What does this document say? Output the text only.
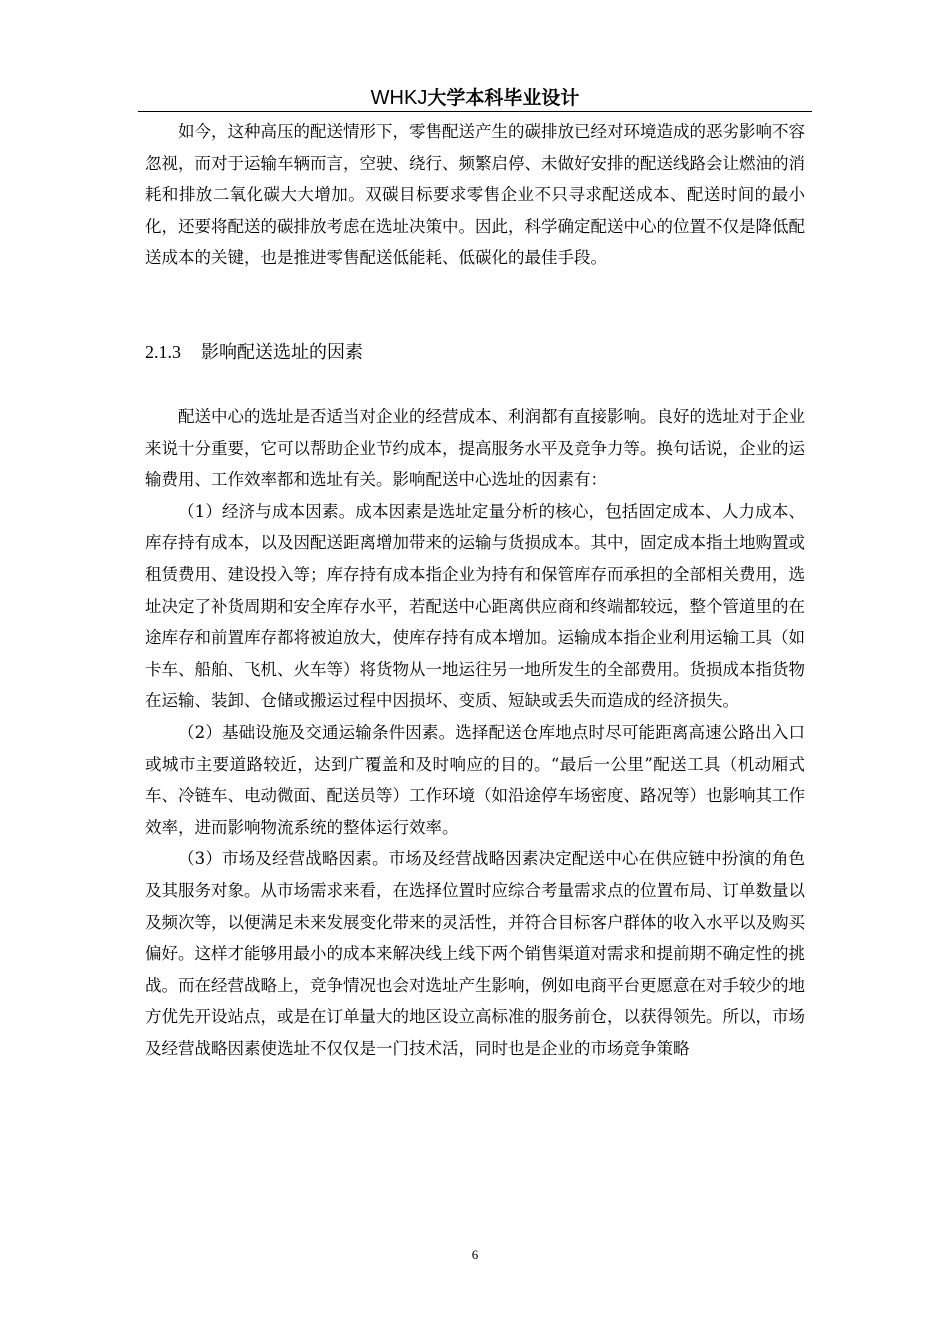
WHKJ大学本科毕业设计

如今，这种高压的配送情形下，零售配送产生的碳排放已经对环境造成的恶劣影响不容忽视，而对于运输车辆而言，空驶、绕行、频繁启停、未做好安排的配送线路会让燃油的消耗和排放二氧化碳大大增加。双碳目标要求零售企业不只寻求配送成本、配送时间的最小化，还要将配送的碳排放考虑在选址决策中。因此，科学确定配送中心的位置不仅是降低配送成本的关键，也是推进零售配送低能耗、低碳化的最佳手段。

2.1.3 影响配送选址的因素

配送中心的选址是否适当对企业的经营成本、利润都有直接影响。良好的选址对于企业来说十分重要，它可以帮助企业节约成本，提高服务水平及竞争力等。换句话说，企业的运输费用、工作效率都和选址有关。影响配送中心选址的因素有：

（1）经济与成本因素。成本因素是选址定量分析的核心，包括固定成本、人力成本、库存持有成本，以及因配送距离增加带来的运输与货损成本。其中，固定成本指土地购置或租赁费用、建设投入等；库存持有成本指企业为持有和保管库存而承担的全部相关费用，选址决定了补货周期和安全库存水平，若配送中心距离供应商和终端都较远，整个管道里的在途库存和前置库存都将被迫放大，使库存持有成本增加。运输成本指企业利用运输工具（如卡车、船舶、飞机、火车等）将货物从一地运往另一地所发生的全部费用。货损成本指货物在运输、装卸、仓储或搬运过程中因损坏、变质、短缺或丢失而造成的经济损失。

（2）基础设施及交通运输条件因素。选择配送仓库地点时尽可能距离高速公路出入口或城市主要道路较近，达到广覆盖和及时响应的目的。“最后一公里”配送工具（机动厢式车、冷链车、电动微面、配送员等）工作环境（如沿途停车场密度、路况等）也影响其工作效率，进而影响物流系统的整体运行效率。

（3）市场及经营战略因素。市场及经营战略因素决定配送中心在供应链中扮演的角色及其服务对象。从市场需求来看，在选择位置时应综合考量需求点的位置布局、订单数量以及频次等，以便满足未来发展变化带来的灵活性，并符合目标客户群体的收入水平以及购买偏好。这样才能够用最小的成本来解决线上线下两个销售渠道对需求和提前期不确定性的挑战。而在经营战略上，竞争情况也会对选址产生影响，例如电商平台更愿意在对手较少的地方优先开设站点，或是在订单量大的地区设立高标准的服务前仓，以获得领先。所以，市场及经营战略因素使选址不仅仅是一门技术活，同时也是企业的市场竞争策略

6
